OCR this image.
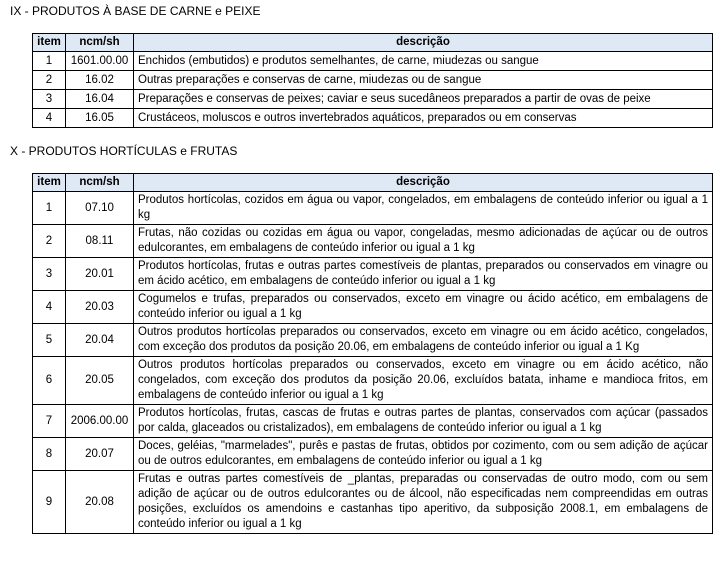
IX - PRODUTOS À BASE DE CARNE e PEIXE
item	ncm/sh	descrição
1	1601.00.00	Enchidos (embutidos) e produtos semelhantes, de carne, miudezas ou sangue
2	16.02	Outras preparações e conservas de carne, miudezas ou de sangue
3	16.04	Preparações e conservas de peixes; caviar e seus sucedâneos preparados a partir de ovas de peixe
4	16.05	Crustáceos, moluscos e outros invertebrados aquáticos, preparados ou em conservas
X - PRODUTOS HORTÍCULAS e FRUTAS
item	ncm/sh	descrição
1	07.10	Produtos hortícolas, cozidos em água ou vapor, congelados, em embalagens de conteúdo inferior ou igual a 1 kg
2	08.11	Frutas, não cozidas ou cozidas em água ou vapor, congeladas, mesmo adicionadas de açúcar ou de outros edulcorantes, em embalagens de conteúdo inferior ou igual a 1 kg
3	20.01	Produtos hortícolas, frutas e outras partes comestíveis de plantas, preparados ou conservados em vinagre ou em ácido acético, em embalagens de conteúdo inferior ou igual a 1 kg
4	20.03	Cogumelos e trufas, preparados ou conservados, exceto em vinagre ou ácido acético, em embalagens de conteúdo inferior ou igual a 1 kg
5	20.04	Outros produtos hortícolas preparados ou conservados, exceto em vinagre ou em ácido acético, congelados, com exceção dos produtos da posição 20.06, em embalagens de conteúdo inferior ou igual a 1 Kg
6	20.05	Outros produtos hortícolas preparados ou conservados, exceto em vinagre ou em ácido acético, não congelados, com exceção dos produtos da posição 20.06, excluídos batata, inhame e mandioca fritos, em embalagens de conteúdo inferior ou igual a 1 kg
7	2006.00.00	Produtos hortícolas, frutas, cascas de frutas e outras partes de plantas, conservados com açúcar (passados por calda, glaceados ou cristalizados), em embalagens de conteúdo inferior ou igual a 1 kg
8	20.07	Doces, geléias, "marmelades", purês e pastas de frutas, obtidos por cozimento, com ou sem adição de açúcar ou de outros edulcorantes, em embalagens de conteúdo inferior ou igual a 1 kg
9	20.08	Frutas e outras partes comestíveis de _plantas, preparadas ou conservadas de outro modo, com ou sem adição de açúcar ou de outros edulcorantes ou de álcool, não especificadas nem compreendidas em outras posições, excluídos os amendoins e castanhas tipo aperitivo, da subposição 2008.1, em embalagens de conteúdo inferior ou igual a 1 kg
